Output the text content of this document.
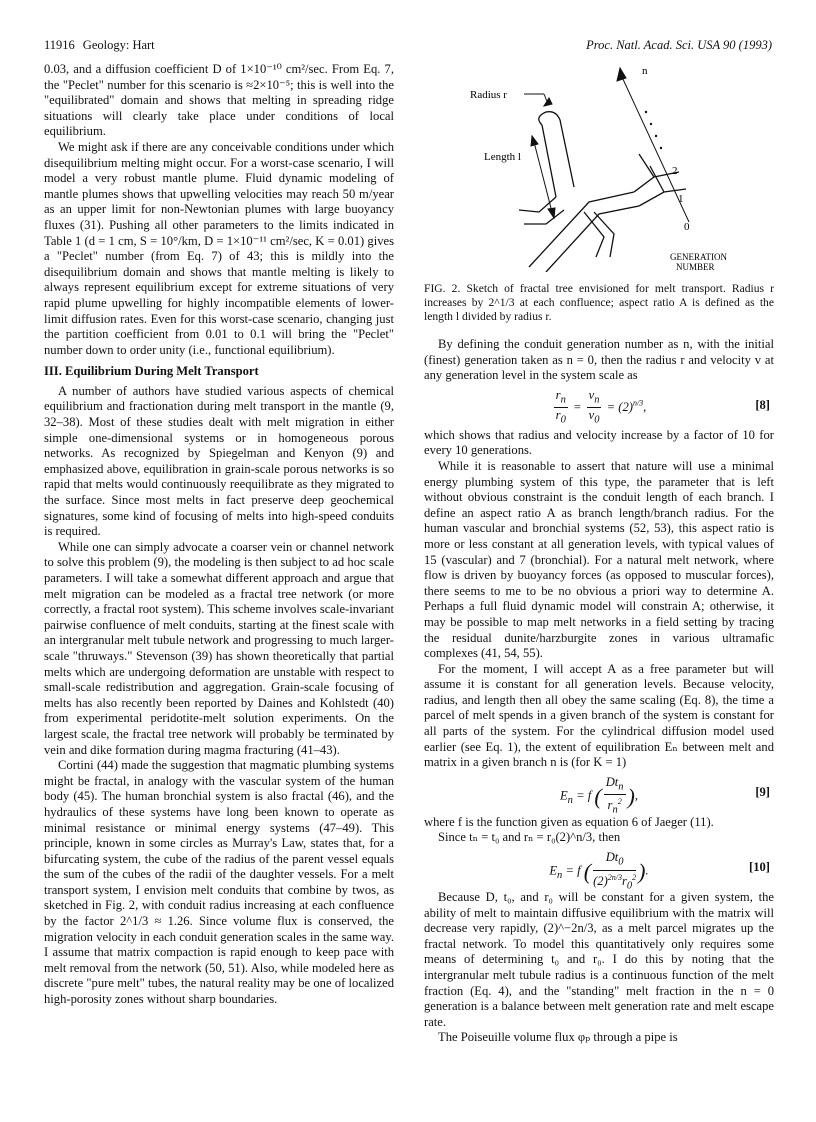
11916 Geology: Hart	Proc. Natl. Acad. Sci. USA 90 (1993)

0.03, and a diffusion coefficient D of 1×10⁻¹⁰ cm²/sec. From Eq. 7, the "Peclet" number for this scenario is ≈2×10⁻⁵; this is well into the "equilibrated" domain and shows that melting in spreading ridge situations will clearly take place under conditions of local equilibrium.

We might ask if there are any conceivable conditions under which disequilibrium melting might occur. For a worst-case scenario, I will model a very robust mantle plume. Fluid dynamic modeling of mantle plumes shows that upwelling velocities may reach 50 m/year as an upper limit for non-Newtonian plumes with large buoyancy fluxes (31). Pushing all other parameters to the limits indicated in Table 1 (d = 1 cm, S = 10°/km, D = 1×10⁻¹¹ cm²/sec, K = 0.01) gives a "Peclet" number (from Eq. 7) of 43; this is mildly into the disequilibrium domain and shows that mantle melting is likely to always represent equilibrium except for extreme situations of very rapid plume upwelling for highly incompatible elements of lower-limit diffusion rates. Even for this worst-case scenario, changing just the partition coefficient from 0.01 to 0.1 will bring the "Peclet" number down to order unity (i.e., functional equilibrium).

III. Equilibrium During Melt Transport

A number of authors have studied various aspects of chemical equilibrium and fractionation during melt transport in the mantle (9, 32–38). Most of these studies dealt with melt migration in either simple one-dimensional systems or in homogeneous porous networks. As recognized by Spiegelman and Kenyon (9) and emphasized above, equilibration in grain-scale porous networks is so rapid that melts would continuously reequilibrate as they migrated to the surface. Since most melts in fact preserve deep geochemical signatures, some kind of focusing of melts into high-speed conduits is required.

While one can simply advocate a coarser vein or channel network to solve this problem (9), the modeling is then subject to ad hoc scale parameters. I will take a somewhat different approach and argue that melt migration can be modeled as a fractal tree network (or more correctly, a fractal root system). This scheme involves scale-invariant pairwise confluence of melt conduits, starting at the finest scale with an intergranular melt tubule network and progressing to much larger-scale "thruways." Stevenson (39) has shown theoretically that partial melts which are undergoing deformation are unstable with respect to small-scale redistribution and aggregation. Grain-scale focusing of melts has also recently been reported by Daines and Kohlstedt (40) from experimental peridotite-melt solution experiments. On the largest scale, the fractal tree network will probably be terminated by vein and dike formation during magma fracturing (41–43).

Cortini (44) made the suggestion that magmatic plumbing systems might be fractal, in analogy with the vascular system of the human body (45). The human bronchial system is also fractal (46), and the hydraulics of these systems have long been known to operate as minimal resistance or minimal energy systems (47–49). This principle, known in some circles as Murray's Law, states that, for a bifurcating system, the cube of the radius of the parent vessel equals the sum of the cubes of the radii of the daughter vessels. For a melt transport system, I envision melt conduits that combine by twos, as sketched in Fig. 2, with conduit radius increasing at each confluence by the factor 2^1/3 ≈ 1.26. Since volume flux is conserved, the migration velocity in each conduit generation scales in the same way. I assume that matrix compaction is rapid enough to keep pace with melt removal from the network (50, 51). Also, while modeled here as discrete "pure melt" tubes, the natural reality may be one of localized high-porosity zones without sharp boundaries.

Radius r
Length l
n
2
1
0
GENERATION
NUMBER

FIG. 2. Sketch of fractal tree envisioned for melt transport. Radius r increases by 2^1/3 at each confluence; aspect ratio A is defined as the length l divided by radius r.

By defining the conduit generation number as n, with the initial (finest) generation taken as n = 0, then the radius r and velocity v at any generation level in the system scale as

$\frac{r_n}{r_0} = \frac{v_n}{v_0} = (2)^{n/3}$,	[8]

which shows that radius and velocity increase by a factor of 10 for every 10 generations.

While it is reasonable to assert that nature will use a minimal energy plumbing system of this type, the parameter that is left without obvious constraint is the conduit length of each branch. I define an aspect ratio A as branch length/branch radius. For the human vascular and bronchial systems (52, 53), this aspect ratio is more or less constant at all generation levels, with typical values of 15 (vascular) and 7 (bronchial). For a natural melt network, where flow is driven by buoyancy forces (as opposed to muscular forces), there seems to me to be no obvious a priori way to determine A. Perhaps a full fluid dynamic model will constrain A; otherwise, it may be possible to map melt networks in a field setting by tracing the residual dunite/harzburgite zones in various ultramafic complexes (41, 54, 55).

For the moment, I will accept A as a free parameter but will assume it is constant for all generation levels. Because velocity, radius, and length then all obey the same scaling (Eq. 8), the time a parcel of melt spends in a given branch of the system is constant for all parts of the system. For the cylindrical diffusion model used earlier (see Eq. 1), the extent of equilibration Eₙ between melt and matrix in a given branch n is (for K = 1)

$E_n = f$ ( $\frac{Dt_n}{r_n^2}$ ),	[9]

where f is the function given as equation 6 of Jaeger (11).

Since tₙ = t₀ and rₙ = r₀(2)^n/3, then

$E_n = f$ ( $\frac{Dt_0}{(2)^{2n/3}r_0^2}$ ).	[10]

Because D, t₀, and r₀ will be constant for a given system, the ability of melt to maintain diffusive equilibrium with the matrix will decrease very rapidly, (2)^−2n/3, as a melt parcel migrates up the fractal network. To model this quantitatively only requires some means of determining t₀ and r₀. I do this by noting that the intergranular melt tubule radius is a continuous function of the melt fraction (Eq. 4), and the "standing" melt fraction in the n = 0 generation is a balance between melt generation rate and melt escape rate.

The Poiseuille volume flux φₚ through a pipe is
